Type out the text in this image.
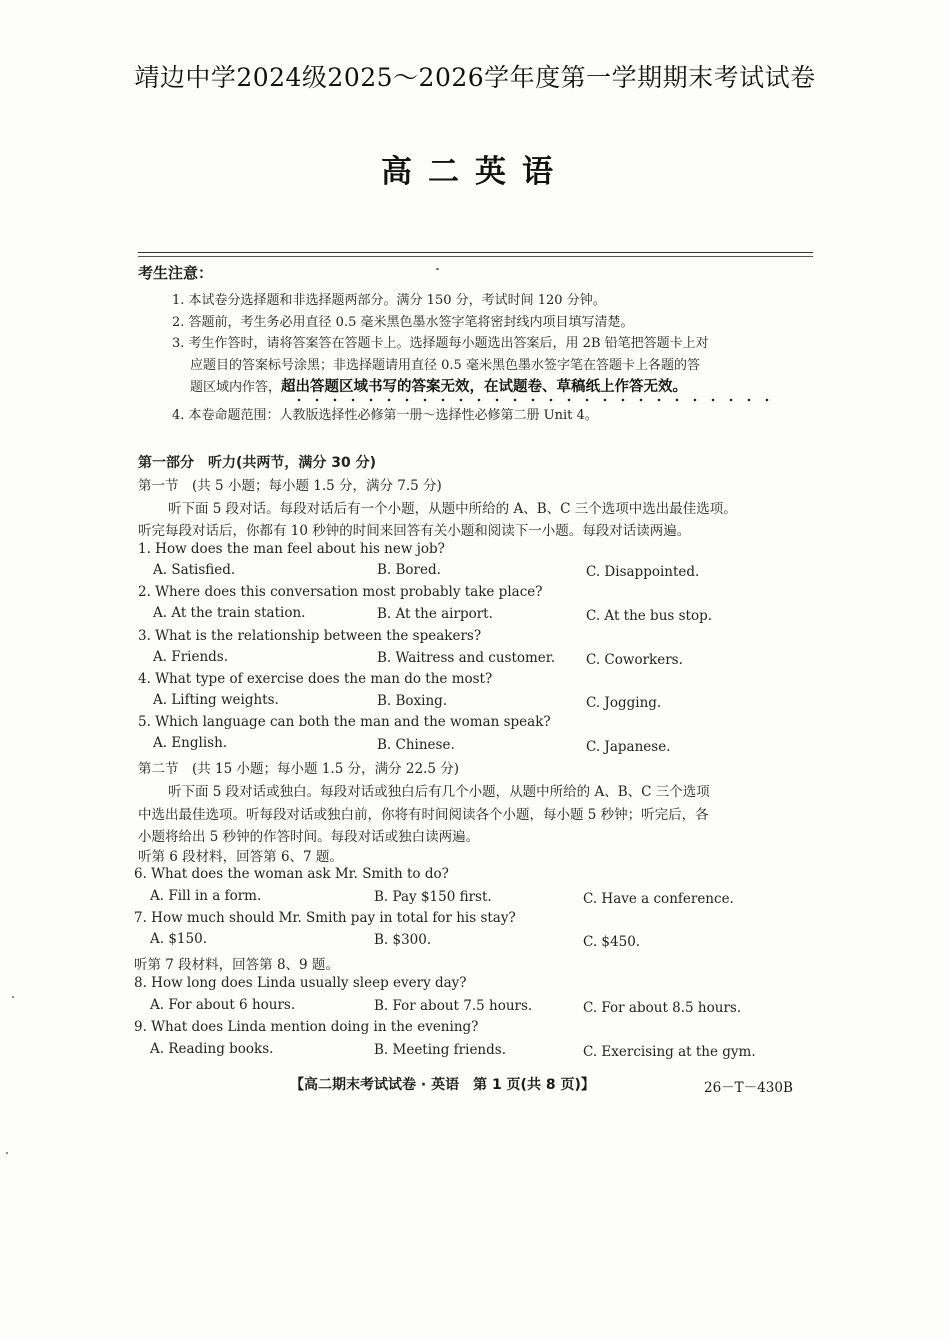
靖边中学2024级2025～2026学年度第一学期期末考试试卷
高二英语
考生注意：
1. 本试卷分选择题和非选择题两部分。满分 150 分，考试时间 120 分钟。
2. 答题前，考生务必用直径 0.5 毫米黑色墨水签字笔将密封线内项目填写清楚。
3. 考生作答时，请将答案答在答题卡上。选择题每小题选出答案后，用 2B 铅笔把答题卡上对
应题目的答案标号涂黑；非选择题请用直径 0.5 毫米黑色墨水签字笔在答题卡上各题的答
题区域内作答，超出答题区域书写的答案无效，在试题卷、草稿纸上作答无效。
4. 本卷命题范围：人教版选择性必修第一册～选择性必修第二册 Unit 4。
第一部分　听力(共两节，满分 30 分)
第一节　(共 5 小题；每小题 1.5 分，满分 7.5 分)
听下面 5 段对话。每段对话后有一个小题，从题中所给的 A、B、C 三个选项中选出最佳选项。
听完每段对话后，你都有 10 秒钟的时间来回答有关小题和阅读下一小题。每段对话读两遍。
1. How does the man feel about his new job?
A. Satisfied.	B. Bored.	C. Disappointed.
2. Where does this conversation most probably take place?
A. At the train station.	B. At the airport.	C. At the bus stop.
3. What is the relationship between the speakers?
A. Friends.	B. Waitress and customer. C. Coworkers.
4. What type of exercise does the man do the most?
A. Lifting weights.	B. Boxing.	C. Jogging.
5. Which language can both the man and the woman speak?
A. English.	B. Chinese.	C. Japanese.
第二节　(共 15 小题；每小题 1.5 分，满分 22.5 分)
听下面 5 段对话或独白。每段对话或独白后有几个小题，从题中所给的 A、B、C 三个选项
中选出最佳选项。听每段对话或独白前，你将有时间阅读各个小题，每小题 5 秒钟；听完后，各
小题将给出 5 秒钟的作答时间。每段对话或独白读两遍。
听第 6 段材料，回答第 6、7 题。
6. What does the woman ask Mr. Smith to do?
A. Fill in a form.	B. Pay $150 first.	C. Have a conference.
7. How much should Mr. Smith pay in total for his stay?
A. $150.	B. $300.	C. $450.
听第 7 段材料，回答第 8、9 题。
8. How long does Linda usually sleep every day?
A. For about 6 hours.	B. For about 7.5 hours.	C. For about 8.5 hours.
9. What does Linda mention doing in the evening?
A. Reading books.	B. Meeting friends.	C. Exercising at the gym.
【高二期末考试试卷 · 英语　第 1 页(共 8 页)】	26－T－430B
